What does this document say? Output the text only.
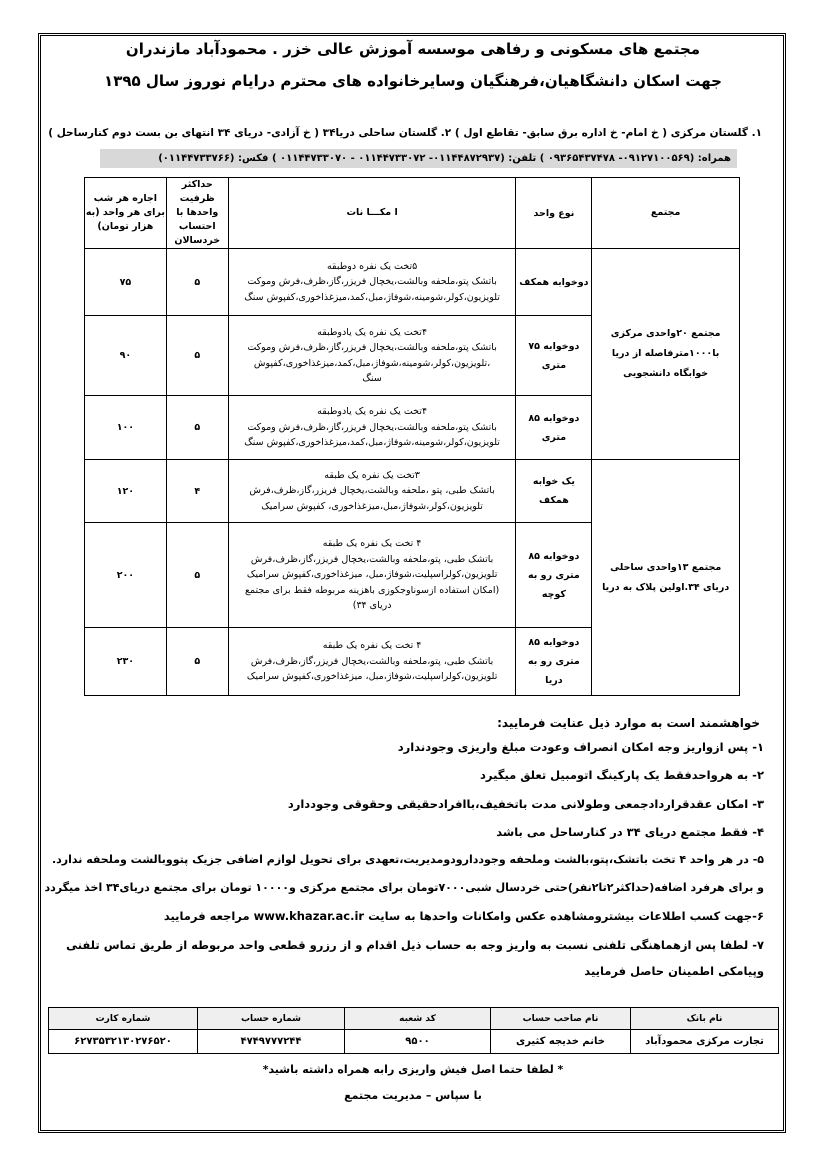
مجتمع های مسکونی و رفاهی موسسه آموزش عالی خزر . محمودآباد مازندران
جهت اسکان دانشگاهیان،فرهنگیان وسایرخانواده های محترم درایام نوروز سال ۱۳۹۵
۱. گلستان مرکزی ( خ امام- خ اداره برق سابق- تقاطع اول ) ۲. گلستان ساحلی دریا۳۴ ( خ آزادی- دریای ۳۴ انتهای بن بست دوم کنارساحل )
همراه: (۰۹۱۲۷۱۰۰۵۶۹- ۰۹۳۶۵۴۳۷۴۷۸ ) تلفن: (۰۱۱۴۴۸۷۲۹۳۷- ۰۱۱۴۴۷۳۳۰۷۲ - ۰۱۱۴۴۷۳۳۰۷۰ ) فکس: (۰۱۱۴۴۷۳۳۷۶۶)
مجتمع	نوع واحد	ا مکـــا نات	حداکثر ظرفیت واحدها با احتساب خردسالان	اجاره هر شب برای هر واحد (به هزار تومان)
مجتمع ۲۰واحدی مرکزی با۱۰۰۰مترفاصله از دریا خوابگاه دانشجویی	دوخوابه همکف	۵تخت یک نفره دوطبقه
باتشک پتو،ملحفه وبالشت،یخچال فریزر،گاز،ظرف،فرش وموکت
تلویزیون،کولر،شومینه،شوفاژ،مبل،کمد،میزغذاخوری،کفپوش سنگ	۵	۷۵
	دوخوابه ۷۵ متری	۴تخت یک نفره یک یادوطبقه
باتشک پتو،ملحفه وبالشت،یخچال فریزر،گاز،ظرف،فرش وموکت
،تلویزیون،کولر،شومینه،شوفاژ،مبل،کمد،میزغذاخوری،کفپوش
سنگ	۵	۹۰
	دوخوابه ۸۵ متری	۴تخت یک نفره یک یادوطبقه
باتشک پتو،ملحفه وبالشت،یخچال فریزر،گاز،ظرف،فرش وموکت
تلویزیون،کولر،شومینه،شوفاژ،مبل،کمد،میزغذاخوری،کفپوش سنگ	۵	۱۰۰
مجتمع ۱۳واحدی ساحلی دریای ۳۴.اولین پلاک به دریا	یک خوابه همکف	۳تخت یک نفره یک طبقه
باتشک طبی، پتو ،ملحفه وبالشت،یخچال فریزر،گاز،ظرف،فرش
تلویزیون،کولر،شوفاژ،مبل،میزغذاخوری، کفپوش سرامیک	۴	۱۲۰
	دوخوابه ۸۵ متری رو به کوچه	۴ تخت یک نفره یک طبقه
باتشک طبی، پتو،ملحفه وبالشت،یخچال فریزر،گاز،ظرف،فرش
تلویزیون،کولراسپلیت،شوفاژ،مبل، میزغذاخوری،کفپوش سرامیک
(امکان استفاده ازسوناوجکوزی باهزینه مربوطه فقط برای مجتمع
دریای ۳۴)	۵	۲۰۰
	دوخوابه ۸۵ متری رو به دریا	۴ تخت یک نفره یک طبقه
باتشک طبی، پتو،ملحفه وبالشت،یخچال فریزر،گاز،ظرف،فرش
تلویزیون،کولراسپلیت،شوفاژ،مبل، میزغذاخوری،کفپوش سرامیک	۵	۲۳۰
خواهشمند است به موارد ذیل عنایت فرمایید:
۱- پس ازواریز وجه امکان انصراف وعودت مبلغ واریزی وجودندارد
۲- به هرواحدفقط یک پارکینگ اتومبیل تعلق میگیرد
۳- امکان عقدقراردادجمعی وطولانی مدت باتخفیف،باافرادحقیقی وحقوقی وجوددارد
۴- فقط مجتمع دریای ۳۴ در کنارساحل می باشد
۵- در هر واحد ۴ تخت باتشک،پتو،بالشت وملحفه وجوددارودومدیریت،تعهدی برای تحویل لوازم اضافی جزیک پتووبالشت وملحفه ندارد.
و برای هرفرد اضافه(حداکثر۲تا۲نفر)حتی خردسال شبی۷۰۰۰تومان برای مجتمع مرکزی و۱۰۰۰۰ تومان برای مجتمع دریای۳۴ اخذ میگردد
۶-جهت کسب اطلاعات بیشترومشاهده عکس وامکانات واحدها به سایت www.khazar.ac.ir مراجعه فرمایید
۷- لطفا پس ازهماهنگی تلفنی نسبت به واریز وجه به حساب ذیل اقدام و از رزرو قطعی واحد مربوطه از طریق تماس تلفنی وپیامکی اطمینان حاصل فرمایید
نام بانک	نام صاحب حساب	کد شعبه	شماره حساب	شماره کارت
تجارت مرکزی محمودآباد	خانم خدیجه کثیری	۹۵۰۰	۴۷۴۹۷۷۷۲۴۴	۶۲۷۳۵۳۲۱۳۰۲۷۶۵۲۰
* لطفا حتما اصل فیش واریزی رابه همراه داشته باشید*
با سپاس – مدیریت مجتمع
